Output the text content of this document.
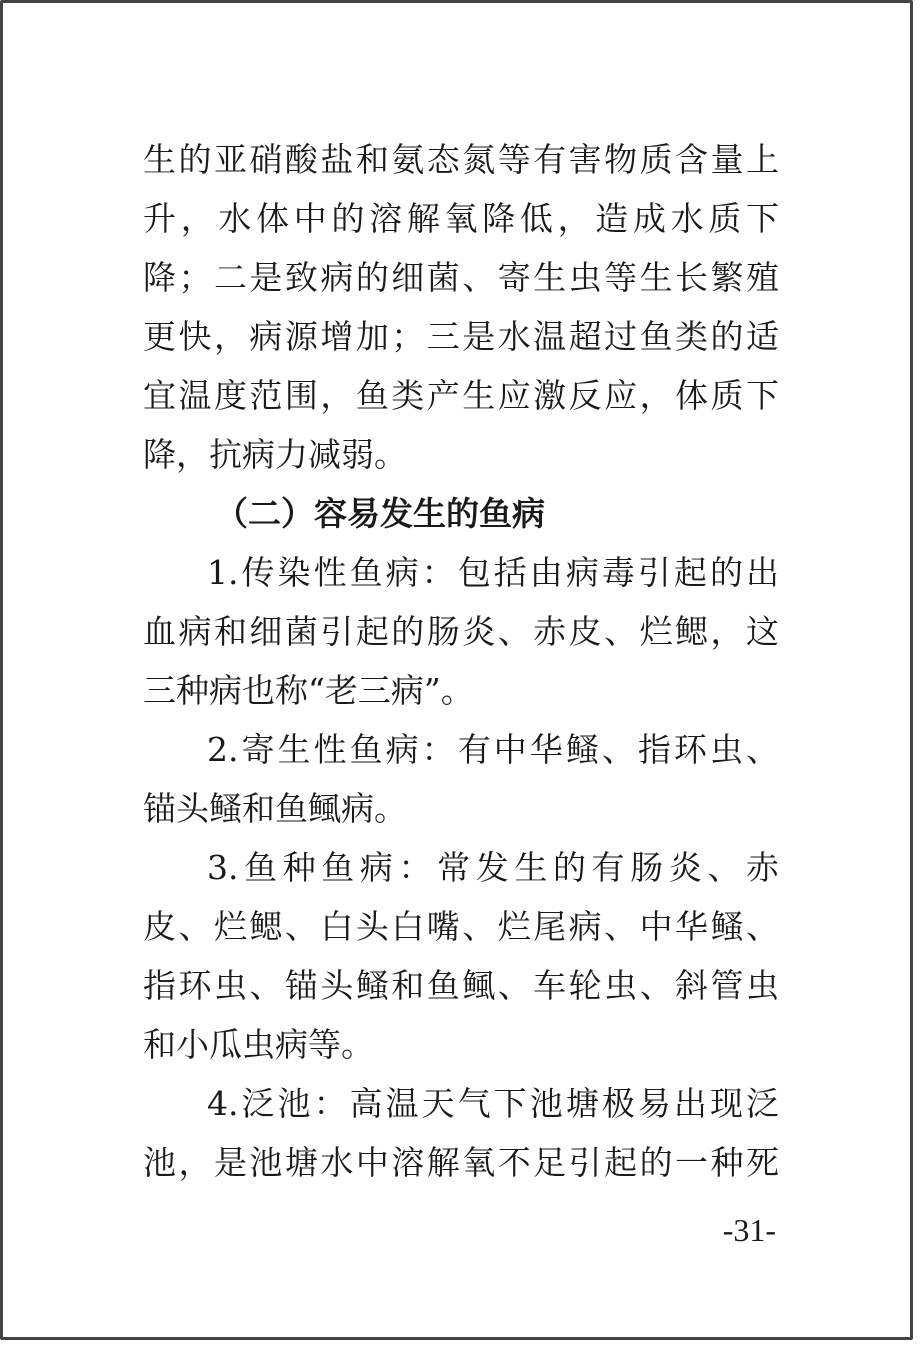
生的亚硝酸盐和氨态氮等有害物质含量上
升，水体中的溶解氧降低，造成水质下
降；二是致病的细菌、寄生虫等生长繁殖
更快，病源增加；三是水温超过鱼类的适
宜温度范围，鱼类产生应激反应，体质下
降，抗病力减弱。
（二）容易发生的鱼病
1.传染性鱼病：包括由病毒引起的出
血病和细菌引起的肠炎、赤皮、烂鳃，这
三种病也称“老三病”。
2.寄生性鱼病：有中华鳋、指环虫、
锚头鳋和鱼鲺病。
3.鱼种鱼病：常发生的有肠炎、赤
皮、烂鳃、白头白嘴、烂尾病、中华鳋、
指环虫、锚头鳋和鱼鲺、车轮虫、斜管虫
和小瓜虫病等。
4.泛池：高温天气下池塘极易出现泛
池，是池塘水中溶解氧不足引起的一种死
-31-
